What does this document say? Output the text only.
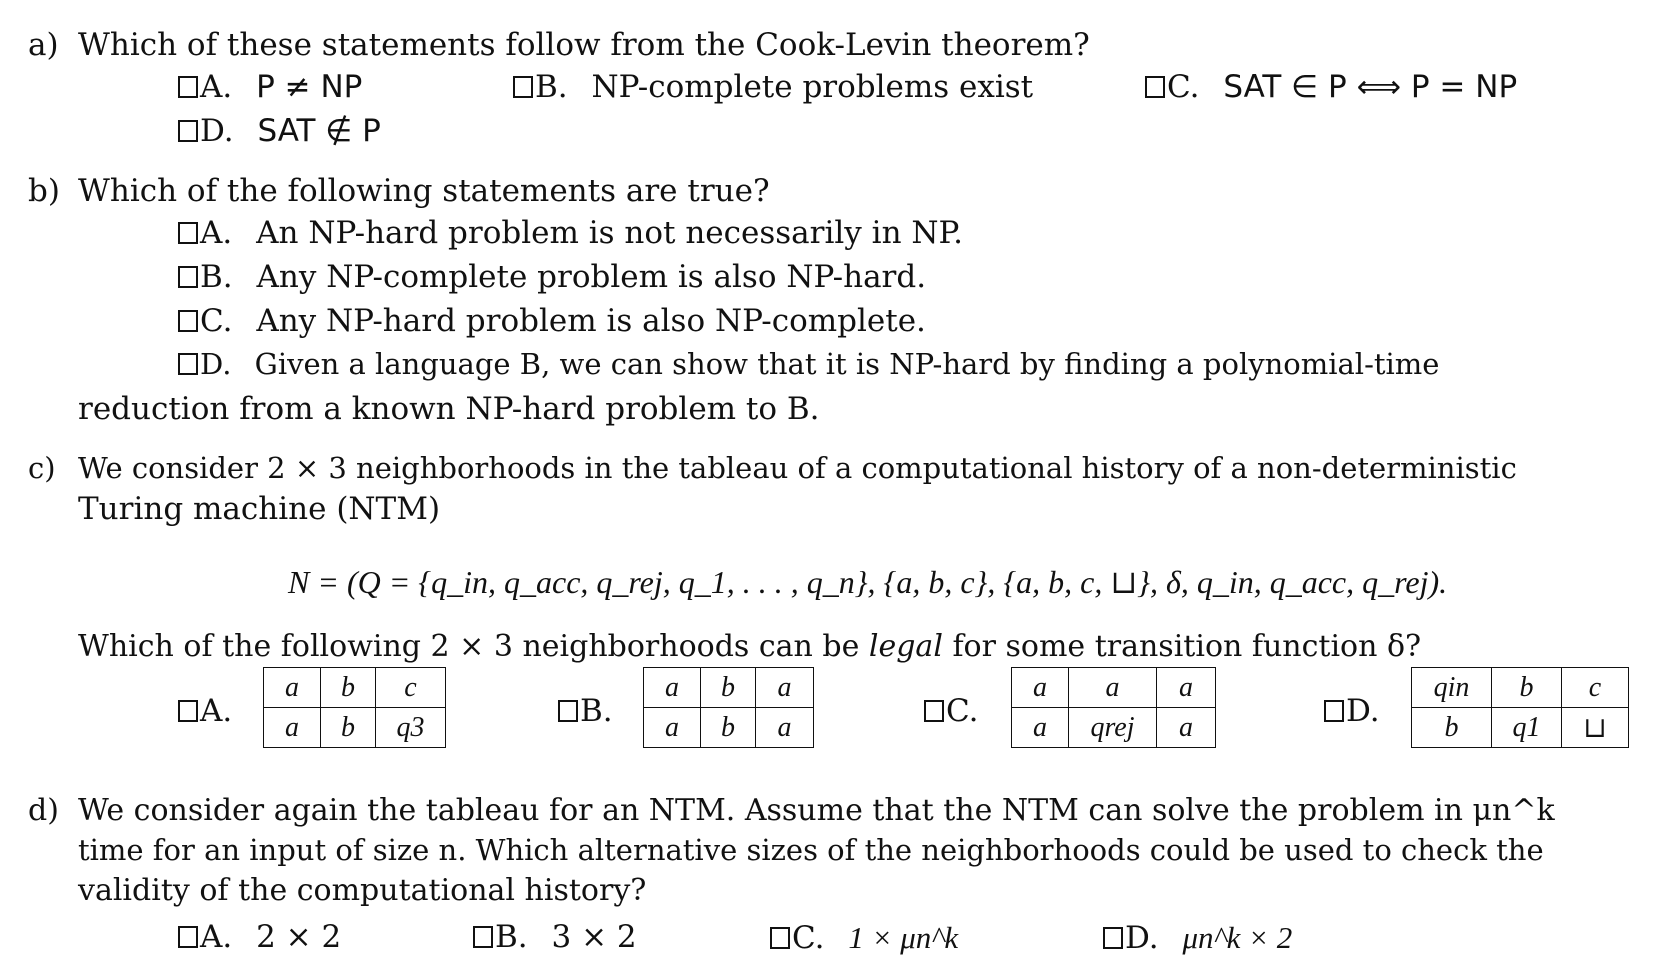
a) Which of these statements follow from the Cook-Levin theorem?
A. P ≠ NP	B. NP-complete problems exist	C. SAT ∈ P ⟺ P = NP
D. SAT ∉ P
b) Which of the following statements are true?
A. An NP-hard problem is not necessarily in NP.
B. Any NP-complete problem is also NP-hard.
C. Any NP-hard problem is also NP-complete.
D. Given a language B, we can show that it is NP-hard by finding a polynomial-time
reduction from a known NP-hard problem to B.
c) We consider 2 × 3 neighborhoods in the tableau of a computational history of a non-deterministic
Turing machine (NTM)
N = (Q = {q_in, q_acc, q_rej, q_1, . . . , q_n}, {a, b, c}, {a, b, c, ⊔}, δ, q_in, q_acc, q_rej).
Which of the following 2 × 3 neighborhoods can be legal for some transition function δ?
A.
a	b	c
a	b	q3	B.
a	b	a
a	b	a	C.
a	a	a
a	qrej	a	D.
qin	b	c
b	q1	⊔
d) We consider again the tableau for an NTM. Assume that the NTM can solve the problem in μn^k
time for an input of size n. Which alternative sizes of the neighborhoods could be used to check the
validity of the computational history?
A. 2 × 2	B. 3 × 2	C. 1 × μn^k	D. μn^k × 2
